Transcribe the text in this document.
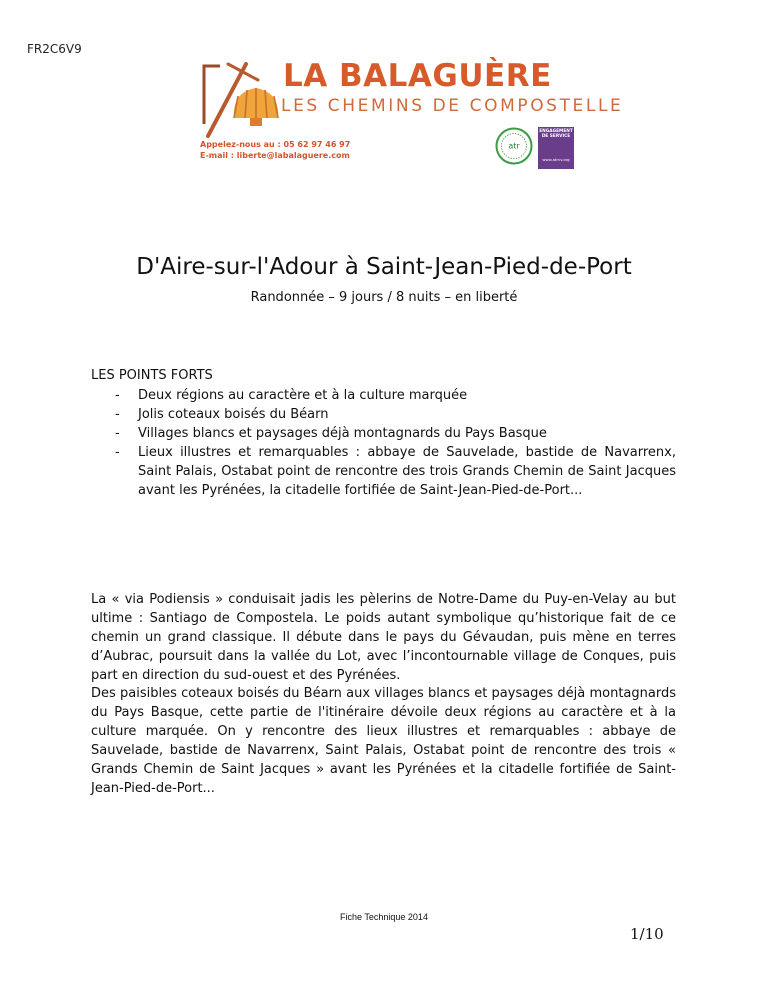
FR2C6V9
LA BALAGUÈRE
LES CHEMINS DE COMPOSTELLE
Appelez-nous au : 05 62 97 46 97
E-mail : liberte@labalaguere.com
atr
ENGAGEMENT
DE SERVICE
www.atrvv.org
D'Aire-sur-l'Adour à Saint-Jean-Pied-de-Port
Randonnée – 9 jours / 8 nuits – en liberté
LES POINTS FORTS
- Deux régions au caractère et à la culture marquée
- Jolis coteaux boisés du Béarn
- Villages blancs et paysages déjà montagnards du Pays Basque
- Lieux illustres et remarquables : abbaye de Sauvelade, bastide de Navarrenx, Saint Palais, Ostabat point de rencontre des trois Grands Chemin de Saint Jacques avant les Pyrénées, la citadelle fortifiée de Saint-Jean-Pied-de-Port...

La « via Podiensis » conduisait jadis les pèlerins de Notre-Dame du Puy-en-Velay au but ultime : Santiago de Compostela. Le poids autant symbolique qu’historique fait de ce chemin un grand classique. Il débute dans le pays du Gévaudan, puis mène en terres d’Aubrac, poursuit dans la vallée du Lot, avec l’incontournable village de Conques, puis part en direction du sud-ouest et des Pyrénées.

Des paisibles coteaux boisés du Béarn aux villages blancs et paysages déjà montagnards du Pays Basque, cette partie de l'itinéraire dévoile deux régions au caractère et à la culture marquée. On y rencontre des lieux illustres et remarquables : abbaye de Sauvelade, bastide de Navarrenx, Saint Palais, Ostabat point de rencontre des trois « Grands Chemin de Saint Jacques » avant les Pyrénées et la citadelle fortifiée de Saint-Jean-Pied-de-Port...

Fiche Technique 2014
1/10
